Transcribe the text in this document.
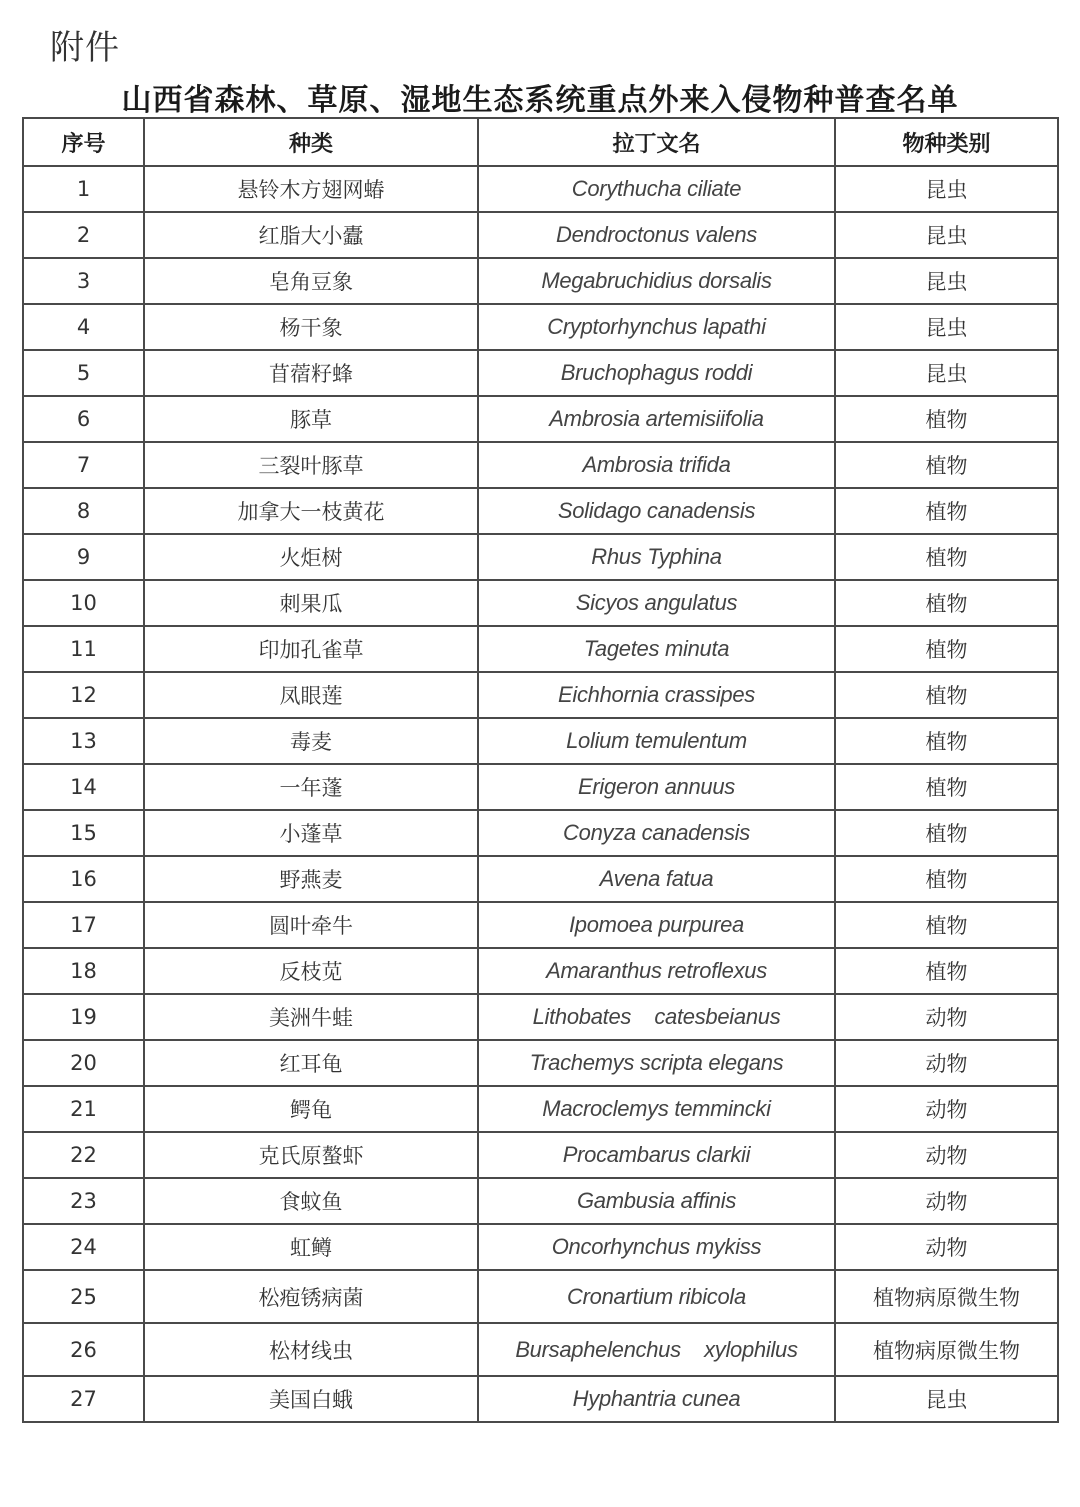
附件
山西省森林、草原、湿地生态系统重点外来入侵物种普查名单
序号	种类	拉丁文名	物种类别
1	悬铃木方翅网蝽	Corythucha ciliate	昆虫
2	红脂大小蠹	Dendroctonus valens	昆虫
3	皂角豆象	Megabruchidius dorsalis	昆虫
4	杨干象	Cryptorhynchus lapathi	昆虫
5	苜蓿籽蜂	Bruchophagus roddi	昆虫
6	豚草	Ambrosia artemisiifolia	植物
7	三裂叶豚草	Ambrosia trifida	植物
8	加拿大一枝黄花	Solidago canadensis	植物
9	火炬树	Rhus Typhina	植物
10	刺果瓜	Sicyos angulatus	植物
11	印加孔雀草	Tagetes minuta	植物
12	凤眼莲	Eichhornia crassipes	植物
13	毒麦	Lolium temulentum	植物
14	一年蓬	Erigeron annuus	植物
15	小蓬草	Conyza canadensis	植物
16	野燕麦	Avena fatua	植物
17	圆叶牵牛	Ipomoea purpurea	植物
18	反枝苋	Amaranthus retroflexus	植物
19	美洲牛蛙	Lithobates    catesbeianus	动物
20	红耳龟	Trachemys scripta elegans	动物
21	鳄龟	Macroclemys temmincki	动物
22	克氏原螯虾	Procambarus clarkii	动物
23	食蚊鱼	Gambusia affinis	动物
24	虹鳟	Oncorhynchus mykiss	动物
25	松疱锈病菌	Cronartium ribicola	植物病原微生物
26	松材线虫	Bursaphelenchus    xylophilus	植物病原微生物
27	美国白蛾	Hyphantria cunea	昆虫
